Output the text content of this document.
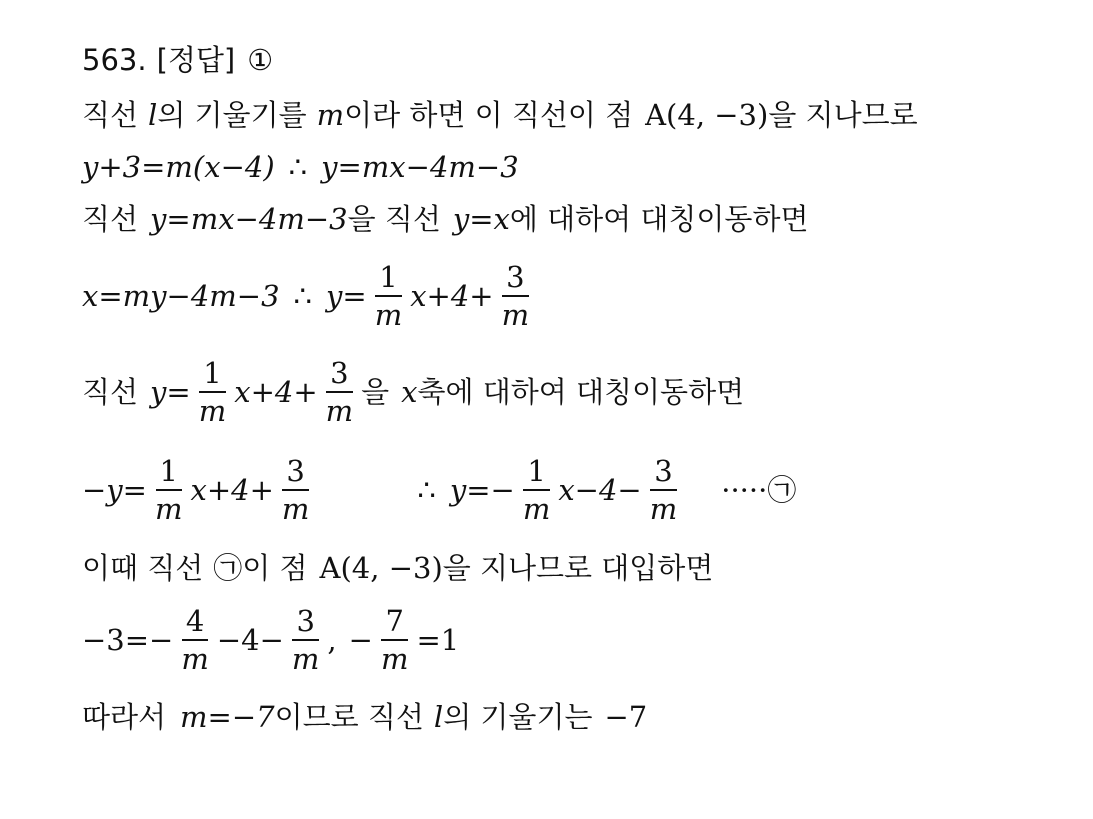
563. [정답] ①
직선 l 의 기울기를 m 이라 하면 이 직선이 점 A(4, −3) 을 지나므로
y+3=m(x−4) ∴ y=mx−4m−3
직선 y=mx−4m−3 을 직선 y=x 에 대하여 대칭이동하면
x=my−4m−3 ∴ $y= \frac{1}{m} x+4+ \frac{3}{m}$
직선 $y= \frac{1}{m} x+4+ \frac{3}{m}$ 을 x 축에 대하여 대칭이동하면
$-y= \frac{1}{m} x+4+ \frac{3}{m}$	∴ $y=- \frac{1}{m} x-4- \frac{3}{m}$ ····· ㉠
이때 직선 ㉠ 이 점 A(4, −3) 을 지나므로 대입하면
$-3=- \frac{4}{m} -4- \frac{3}{m}$ , − $\frac{7}{m} =1$
따라서 m=−7 이므로 직선 l 의 기울기는 −7
